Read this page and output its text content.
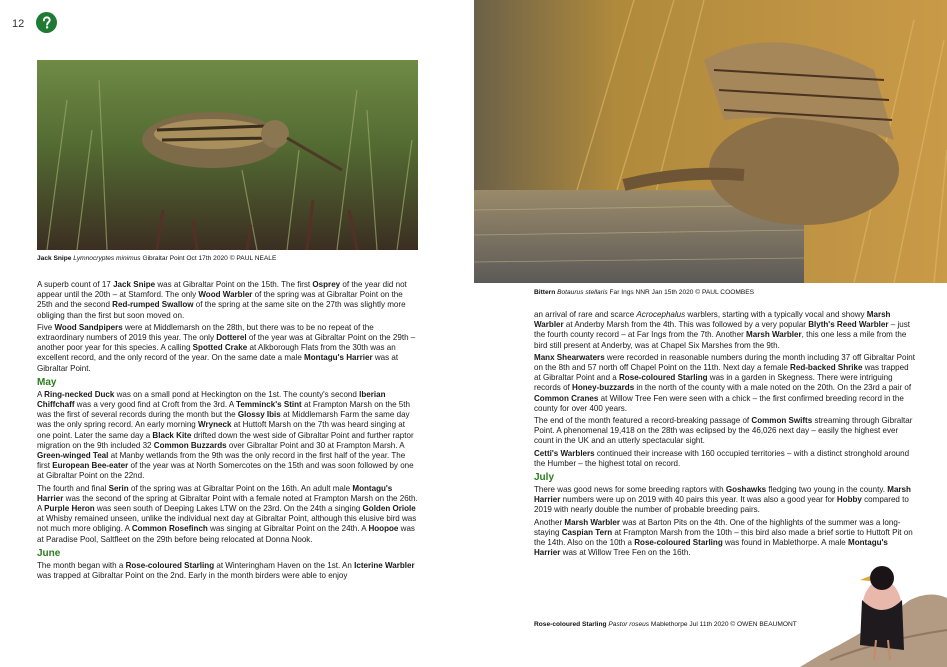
12
Jack Snipe Lymnocryptes minimus Gibraltar Point Oct 17th 2020 © PAUL NEALE
Bittern Botaurus stellaris Far Ings NNR Jan 15th 2020 © PAUL COOMBES
Rose-coloured Starling Pastor roseus Mablethorpe Jul 11th 2020 © OWEN BEAUMONT

A superb count of 17 Jack Snipe was at Gibraltar Point on the 15th. The first Osprey of the year did not appear until the 20th – at Stamford. The only Wood Warbler of the spring was at Gibraltar Point on the 25th and the second Red-rumped Swallow of the spring at the same site on the 27th was slightly more obliging than the first but soon moved on.

Five Wood Sandpipers were at Middlemarsh on the 28th, but there was to be no repeat of the extraordinary numbers of 2019 this year. The only Dotterel of the year was at Gibraltar Point on the 29th – another poor year for this species. A calling Spotted Crake at Alkborough Flats from the 30th was an excellent record, and the only record of the year. On the same date a male Montagu's Harrier was at Gibraltar Point.

May

A Ring-necked Duck was on a small pond at Heckington on the 1st. The county's second Iberian Chiffchaff was a very good find at Croft from the 3rd. A Temminck's Stint at Frampton Marsh on the 5th was the first of several records during the month but the Glossy Ibis at Middlemarsh Farm the same day was the only spring record. An early morning Wryneck at Huttoft Marsh on the 7th was heard singing at one point. Later the same day a Black Kite drifted down the west side of Gibraltar Point and further raptor migration on the 9th included 32 Common Buzzards over Gibraltar Point and 30 at Frampton Marsh. A Green-winged Teal at Manby wetlands from the 9th was the only record in the first half of the year. The first European Bee-eater of the year was at North Somercotes on the 15th and was soon followed by one at Gibraltar Point on the 22nd.

The fourth and final Serin of the spring was at Gibraltar Point on the 16th. An adult male Montagu's Harrier was the second of the spring at Gibraltar Point with a female noted at Frampton Marsh on the 26th. A Purple Heron was seen south of Deeping Lakes LTW on the 23rd. On the 24th a singing Golden Oriole at Whisby remained unseen, unlike the individual next day at Gibraltar Point, although this elusive bird was not much more obliging. A Common Rosefinch was singing at Gibraltar Point on the 24th. A Hoopoe was at Paradise Pool, Saltfleet on the 29th before being relocated at Donna Nook.

June

The month began with a Rose-coloured Starling at Winteringham Haven on the 1st. An Icterine Warbler was trapped at Gibraltar Point on the 2nd. Early in the month birders were able to enjoy

an arrival of rare and scarce Acrocephalus warblers, starting with a typically vocal and showy Marsh Warbler at Anderby Marsh from the 4th. This was followed by a very popular Blyth's Reed Warbler – just the fourth county record – at Far Ings from the 7th. Another Marsh Warbler, this one less a mile from the bird still present at Anderby, was at Chapel Six Marshes from the 9th.

Manx Shearwaters were recorded in reasonable numbers during the month including 37 off Gibraltar Point on the 8th and 57 north off Chapel Point on the 11th. Next day a female Red-backed Shrike was trapped at Gibraltar Point and a Rose-coloured Starling was in a garden in Skegness. There were intriguing records of Honey-buzzards in the north of the county with a male noted on the 20th. On the 23rd a pair of Common Cranes at Willow Tree Fen were seen with a chick – the first confirmed breeding record in the county for over 400 years.

The end of the month featured a record-breaking passage of Common Swifts streaming through Gibraltar Point. A phenomenal 19,418 on the 28th was eclipsed by the 46,026 next day – easily the highest ever count in the UK and an utterly spectacular sight.

Cetti's Warblers continued their increase with 160 occupied territories – with a distinct stronghold around the Humber – the highest total on record.

July

There was good news for some breeding raptors with Goshawks fledging two young in the county. Marsh Harrier numbers were up on 2019 with 40 pairs this year. It was also a good year for Hobby compared to 2019 with nearly double the number of probable breeding pairs.

Another Marsh Warbler was at Barton Pits on the 4th. One of the highlights of the summer was a long-staying Caspian Tern at Frampton Marsh from the 10th – this bird also made a brief sortie to Huttoft Pit on the 14th. Also on the 10th a Rose-coloured Starling was found in Mablethorpe. A male Montagu's Harrier was at Willow Tree Fen on the 16th.
